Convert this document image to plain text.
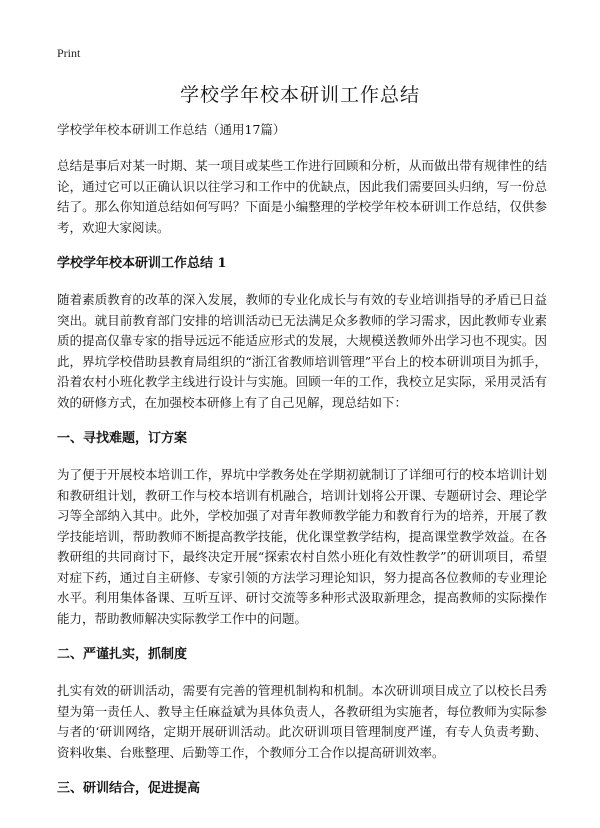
Print
学校学年校本研训工作总结
学校学年校本研训工作总结（通用17篇）

总结是事后对某一时期、某一项目或某些工作进行回顾和分析，从而做出带有规律性的结论，通过它可以正确认识以往学习和工作中的优缺点，因此我们需要回头归纳，写一份总结了。那么你知道总结如何写吗？下面是小编整理的学校学年校本研训工作总结，仅供参考，欢迎大家阅读。

学校学年校本研训工作总结 1

随着素质教育的改革的深入发展，教师的专业化成长与有效的专业培训指导的矛盾已日益突出。就目前教育部门安排的培训活动已无法满足众多教师的学习需求，因此教师专业素质的提高仅靠专家的指导远远不能适应形式的发展，大规模送教师外出学习也不现实。因此，界坑学校借助县教育局组织的“浙江省教师培训管理”平台上的校本研训项目为抓手，沿着农村小班化教学主线进行设计与实施。回顾一年的工作，我校立足实际，采用灵活有效的研修方式，在加强校本研修上有了自己见解，现总结如下：

一、寻找难题，订方案

为了便于开展校本培训工作，界坑中学教务处在学期初就制订了详细可行的校本培训计划和教研组计划，教研工作与校本培训有机融合，培训计划将公开课、专题研讨会、理论学习等全部纳入其中。此外，学校加强了对青年教师教学能力和教育行为的培养，开展了教学技能培训，帮助教师不断提高教学技能，优化课堂教学结构，提高课堂教学效益。在各教研组的共同商讨下，最终决定开展“探索农村自然小班化有效性教学”的研训项目，希望对症下药，通过自主研修、专家引领的方法学习理论知识，努力提高各位教师的专业理论水平。利用集体备课、互听互评、研讨交流等多种形式汲取新理念，提高教师的实际操作能力，帮助教师解决实际教学工作中的问题。

二、严谨扎实，抓制度

扎实有效的研训活动，需要有完善的管理机制构和机制。本次研训项目成立了以校长吕秀望为第一责任人、教导主任麻益斌为具体负责人，各教研组为实施者，每位教师为实际参与者的‘研训网络，定期开展研训活动。此次研训项目管理制度严谨，有专人负责考勤、资料收集、台账整理、后勤等工作，个教师分工合作以提高研训效率。

三、研训结合，促进提高
